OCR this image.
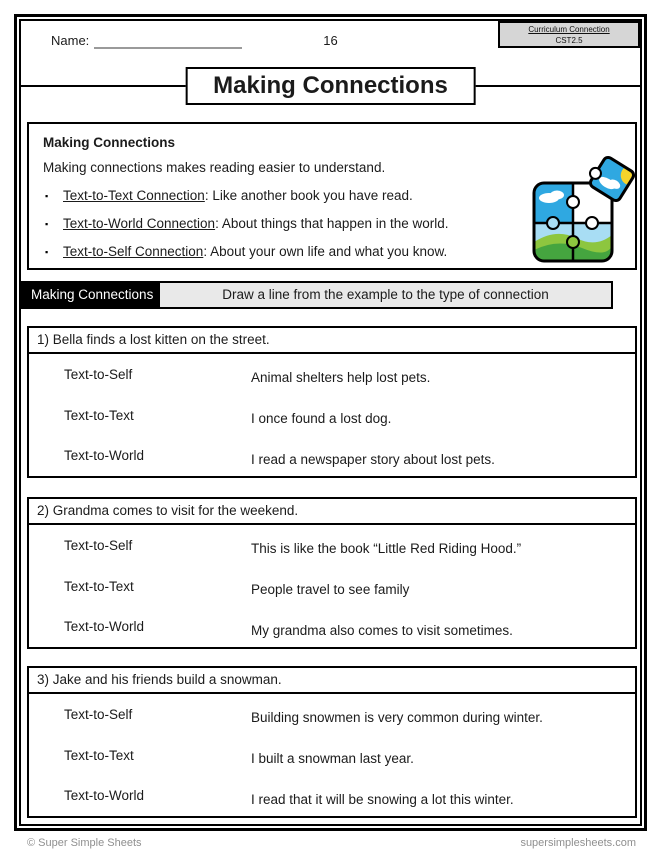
Name:	16
Curriculum Connection
CST2.5
Making Connections
Making Connections
Making connections makes reading easier to understand.
▪ Text-to-Text Connection: Like another book you have read.
▪ Text-to-World Connection: About things that happen in the world.
▪ Text-to-Self Connection: About your own life and what you know.
Making Connections	Draw a line from the example to the type of connection
1) Bella finds a lost kitten on the street.
Text-to-Self	Animal shelters help lost pets.
Text-to-Text	I once found a lost dog.
Text-to-World	I read a newspaper story about lost pets.
2) Grandma comes to visit for the weekend.
Text-to-Self	This is like the book “Little Red Riding Hood.”
Text-to-Text	People travel to see family
Text-to-World	My grandma also comes to visit sometimes.
3) Jake and his friends build a snowman.
Text-to-Self	Building snowmen is very common during winter.
Text-to-Text	I built a snowman last year.
Text-to-World	I read that it will be snowing a lot this winter.
© Super Simple Sheets	supersimplesheets.com
